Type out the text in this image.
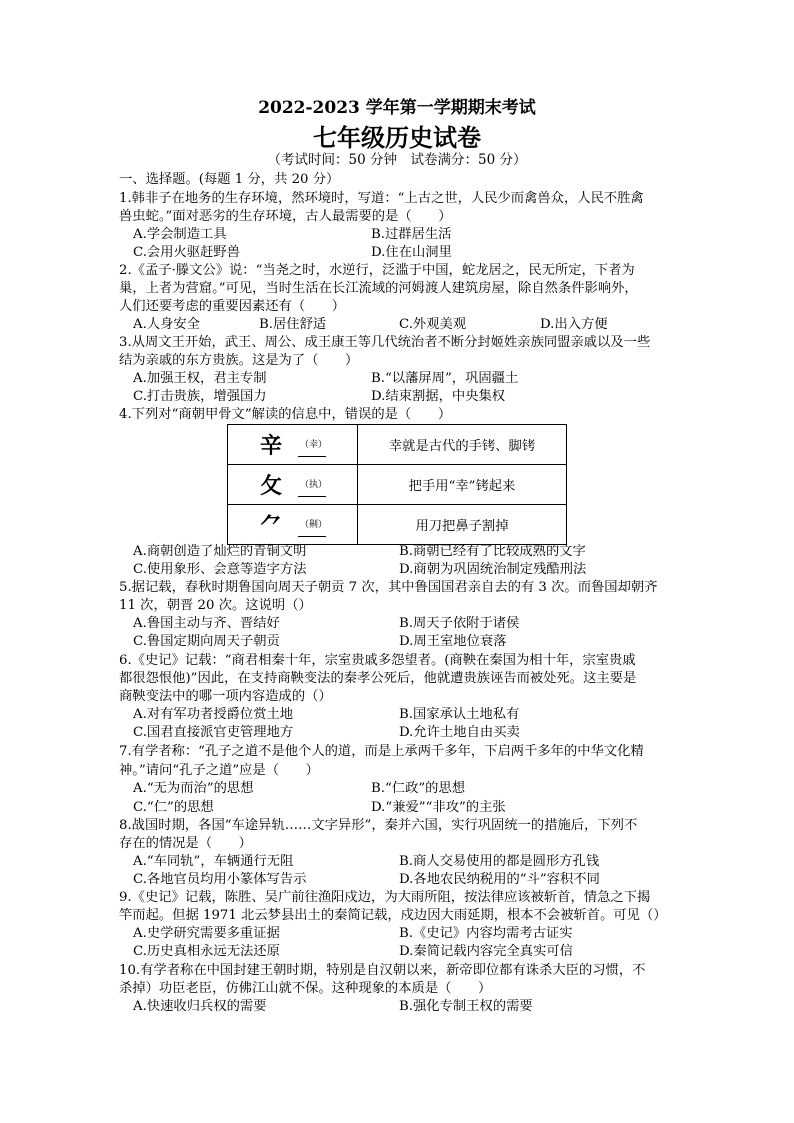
2022-2023 学年第一学期期末考试
七年级历史试卷
（考试时间：50 分钟　试卷满分：50 分）
一、选择题。(每题 1 分，共 20 分）
1.韩非子在地务的生存环境，然环境时，写道：“上古之世，人民少而禽兽众，人民不胜禽
兽虫蛇。”面对恶劣的生存环境，古人最需要的是（　　）
A.学会制造工具	B.过群居生活
C.会用火驱赶野兽	D.住在山洞里
2.《孟子·滕文公》说：“当尧之时，水逆行，泛滥于中国，蛇龙居之，民无所定，下者为
巢，上者为营窟。”可见，当时生活在长江流域的河姆渡人建筑房屋，除自然条件影响外，
人们还要考虑的重要因素还有（　　）
A.人身安全	B.居住舒适	C.外观美观	D.出入方便
3.从周文王开始，武王、周公、成王康王等几代统治者不断分封姬姓亲族同盟亲戚以及一些
结为亲戚的东方贵族。这是为了（　　）
A.加强王权，君主专制	B.“以藩屏周”，巩固疆土
C.打击贵族，增强国力	D.结束割据，中央集权
4.下列对“商朝甲骨文”解读的信息中，错误的是（　　）
⾟ （幸）	幸就是古代的手铐、脚铐

⺙ （执）	把手用“幸”铐起来

⺈ （劓）	用刀把鼻子割掉
A.商朝创造了灿烂的青铜文明	B.商朝已经有了比较成熟的文字
C.使用象形、会意等造字方法	D.商朝为巩固统治制定残酷刑法
5.据记载，春秋时期鲁国向周天子朝贡 7 次，其中鲁国国君亲自去的有 3 次。而鲁国却朝齐
11 次，朝晋 20 次。这说明（）
A.鲁国主动与齐、晋结好	B.周天子依附于诸侯
C.鲁国定期向周天子朝贡	D.周王室地位衰落
6.《史记》记载：“商君相秦十年，宗室贵戚多怨望者。(商鞅在秦国为相十年，宗室贵戚
都很怨恨他)”因此，在支持商鞅变法的秦孝公死后，他就遭贵族诬告而被处死。这主要是
商鞅变法中的哪一项内容造成的（）
A.对有军功者授爵位赏土地	B.国家承认土地私有
C.国君直接派官吏管理地方	D.允许土地自由买卖
7.有学者称：“孔子之道不是他个人的道，而是上承两千多年，下启两千多年的中华文化精
神。”请问“孔子之道”应是（　　）
A.“无为而治”的思想	B.“仁政”的思想
C.“仁”的思想	D.“兼爱”“非攻”的主张
8.战国时期，各国“车途异轨……文字异形”，秦并六国，实行巩固统一的措施后，下列不
存在的情况是（　　）
A.“车同轨”，车辆通行无阻	B.商人交易使用的都是圆形方孔钱
C.各地官员均用小篆体写告示	D.各地农民纳税用的“斗”容积不同
9.《史记》记载，陈胜、吴广前往渔阳戍边，为大雨所阻，按法律应该被斩首，情急之下揭
竿而起。但据 1971 北云梦县出土的秦简记载，戍边因大雨延期，根本不会被斩首。可见（）
A.史学研究需要多重证据	B.《史记》内容均需考古证实
C.历史真相永远无法还原	D.秦简记载内容完全真实可信
10.有学者称在中国封建王朝时期，特别是自汉朝以来，新帝即位都有诛杀大臣的习惯，不
杀掉）功臣老臣，仿佛江山就不保。这种现象的本质是（　　）
A.快速收归兵权的需要	B.强化专制王权的需要
